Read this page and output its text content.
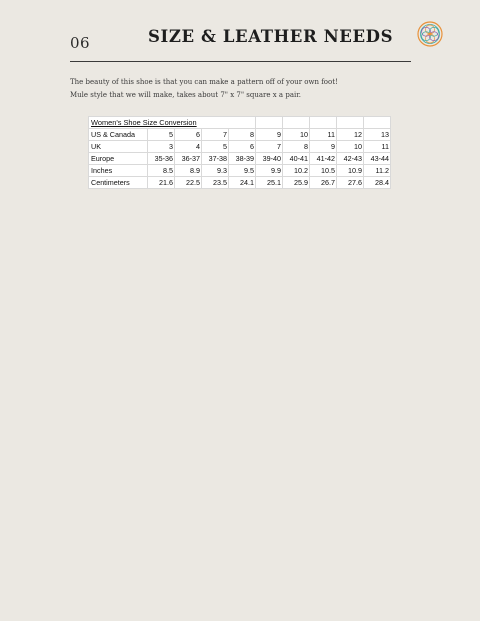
06	SIZE & LEATHER NEEDS

The beauty of this shoe is that you can make a pattern off of your own foot!

Mule style that we will make, takes about 7" x 7" square x a pair.

Women's Shoe Size Conversion									
US & Canada	5	6	7	8	9	10	11	12	13
UK	3	4	5	6	7	8	9	10	11
Europe	35-36	36-37	37-38	38-39	39-40	40-41	41-42	42-43	43-44
Inches	8.5	8.9	9.3	9.5	9.9	10.2	10.5	10.9	11.2
Centimeters	21.6	22.5	23.5	24.1	25.1	25.9	26.7	27.6	28.4
